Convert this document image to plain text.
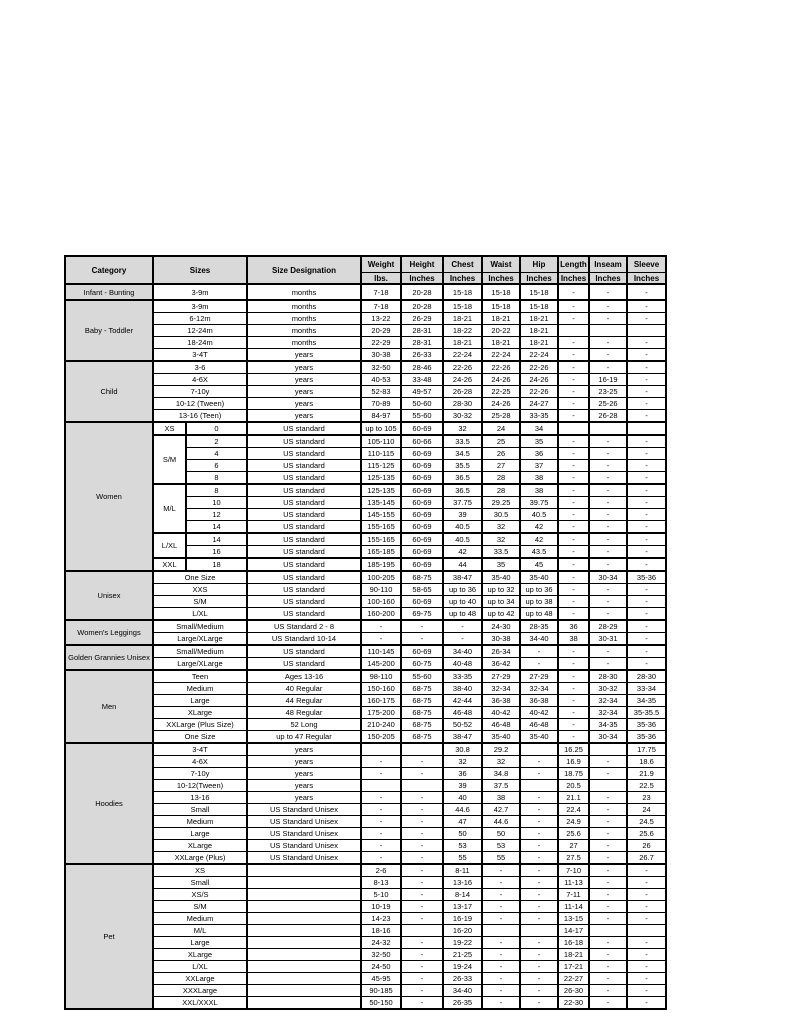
Category	Sizes		Size Designation	Weight	Height	Chest	Waist	Hip	Length	Inseam	Sleeve
				lbs.	Inches	Inches	Inches	Inches	Inches	Inches	Inches
Infant - Bunting	3-9m		months	7-18	20-28	15-18	15-18	15-18	-	-	-
Baby - Toddler	3-9m		months	7-18	20-28	15-18	15-18	15-18	-	-	-
	6-12m		months	13-22	26-29	18-21	18-21	18-21	-	-	-
	12-24m		months	20-29	28-31	18-22	20-22	18-21			
	18-24m		months	22-29	28-31	18-21	18-21	18-21	-	-	-
	3-4T		years	30-38	26-33	22-24	22-24	22-24	-	-	-
Child	3-6		years	32-50	28-46	22-26	22-26	22-26	-	-	-
	4-6X		years	40-53	33-48	24-26	24-26	24-26	-	16-19	-
	7-10y		years	52-83	49-57	26-28	22-25	22-26	-	23-25	-
	10-12 (Tween)		years	70-89	50-60	28-30	24-26	24-27	-	25-26	-
	13-16 (Teen)		years	84-97	55-60	30-32	25-28	33-35	-	26-28	-
Women	XS	0	US standard	up to 105	60-69	32	24	34			
	S/M	2	US standard	105-110	60-66	33.5	25	35	-	-	-
		4	US standard	110-115	60-69	34.5	26	36	-	-	-
		6	US standard	115-125	60-69	35.5	27	37	-	-	-
		8	US standard	125-135	60-69	36.5	28	38	-	-	-
	M/L	8	US standard	125-135	60-69	36.5	28	38	-	-	-
		10	US standard	135-145	60-69	37.75	29.25	39.75	-	-	-
		12	US standard	145-155	60-69	39	30.5	40.5	-	-	-
		14	US standard	155-165	60-69	40.5	32	42	-	-	-
	L/XL	14	US standard	155-165	60-69	40.5	32	42	-	-	-
		16	US standard	165-185	60-69	42	33.5	43.5	-	-	-
	XXL	18	US standard	185-195	60-69	44	35	45	-	-	-
Unisex	One Size		US standard	100-205	68-75	38-47	35-40	35-40	-	30-34	35-36
	XXS		US standard	90-110	58-65	up to 36	up to 32	up to 36	-	-	-
	S/M		US standard	100-160	60-69	up to 40	up to 34	up to 38	-	-	-
	L/XL		US standard	160-200	69-75	up to 48	up to 42	up to 48	-	-	-
Women's Leggings	Small/Medium		US Standard 2 - 8	-	-	-	24-30	28-35	36	28-29	-
	Large/XLarge		US Standard 10-14	-	-	-	30-38	34-40	38	30-31	-
Golden Grannies Unisex	Small/Medium		US standard	110-145	60-69	34-40	26-34	-	-	-	-
	Large/XLarge		US standard	145-200	60-75	40-48	36-42	-	-	-	-
Men	Teen		Ages 13-16	98-110	55-60	33-35	27-29	27-29	-	28-30	28-30
	Medium		40 Regular	150-160	68-75	38-40	32-34	32-34	-	30-32	33-34
	Large		44 Regular	160-175	68-75	42-44	36-38	36-38	-	32-34	34-35
	XLarge		48 Regular	175-200	68-75	46-48	40-42	40-42	-	32-34	35-35.5
	XXLarge (Plus Size)		52 Long	210-240	68-75	50-52	46-48	46-48	-	34-35	35-36
	One Size		up to 47 Regular	150-205	68-75	38-47	35-40	35-40	-	30-34	35-36
Hoodies	3-4T		years			30.8	29.2		16.25		17.75
	4-6X		years	-	-	32	32	-	16.9	-	18.6
	7-10y		years	-	-	36	34.8	-	18.75	-	21.9
	10-12(Tween)		years			39	37.5		20.5		22.5
	13-16		years	-	-	40	38	-	21.1	-	23
	Small		US Standard Unisex	-	-	44.6	42.7	-	22.4	-	24
	Medium		US Standard Unisex	-	-	47	44.6	-	24.9	-	24.5
	Large		US Standard Unisex	-	-	50	50	-	25.6	-	25.6
	XLarge		US Standard Unisex	-	-	53	53	-	27	-	26
	XXLarge (Plus)		US Standard Unisex	-	-	55	55	-	27.5	-	26.7
Pet	XS			2-6	-	8-11	-	-	7-10	-	-
	Small			8-13	-	13-16	-	-	11-13	-	-
	XS/S			5-10	-	8-14	-	-	7-11	-	-
	S/M			10-19	-	13-17	-	-	11-14	-	-
	Medium			14-23	-	16-19	-	-	13-15	-	-
	M/L			18-16		16-20			14-17		
	Large			24-32	-	19-22	-	-	16-18	-	-
	XLarge			32-50	-	21-25	-	-	18-21	-	-
	L/XL			24-50	-	19-24	-	-	17-21	-	-
	XXLarge			45-95	-	26-33	-	-	22-27	-	-
	XXXLarge			90-185	-	34-40	-	-	26-30	-	-
	XXL/XXXL			50-150	-	26-35	-	-	22-30	-	-
